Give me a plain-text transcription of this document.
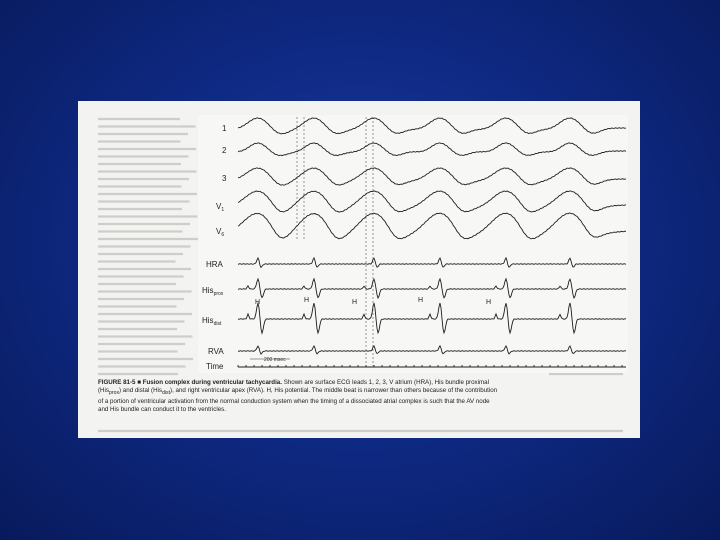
1
2
3
$V_1$
$V_6$
HRA
His$_{prox}$
His$_{dist}$
RVA
Time
H	H	H	H	H
200 msec
FIGURE 81-5 ■ Fusion complex during ventricular tachycardia. Shown are surface ECG leads 1, 2, 3, V atrium (HRA), His bundle proximal
(His$_{prox}$) and distal (His$_{dist}$), and right ventricular apex (RVA). H, His potential. The middle beat is narrower than others because of the contribution
of a portion of ventricular activation from the normal conduction system when the timing of a dissociated atrial complex is such that the AV node
and His bundle can conduct it to the ventricles.
